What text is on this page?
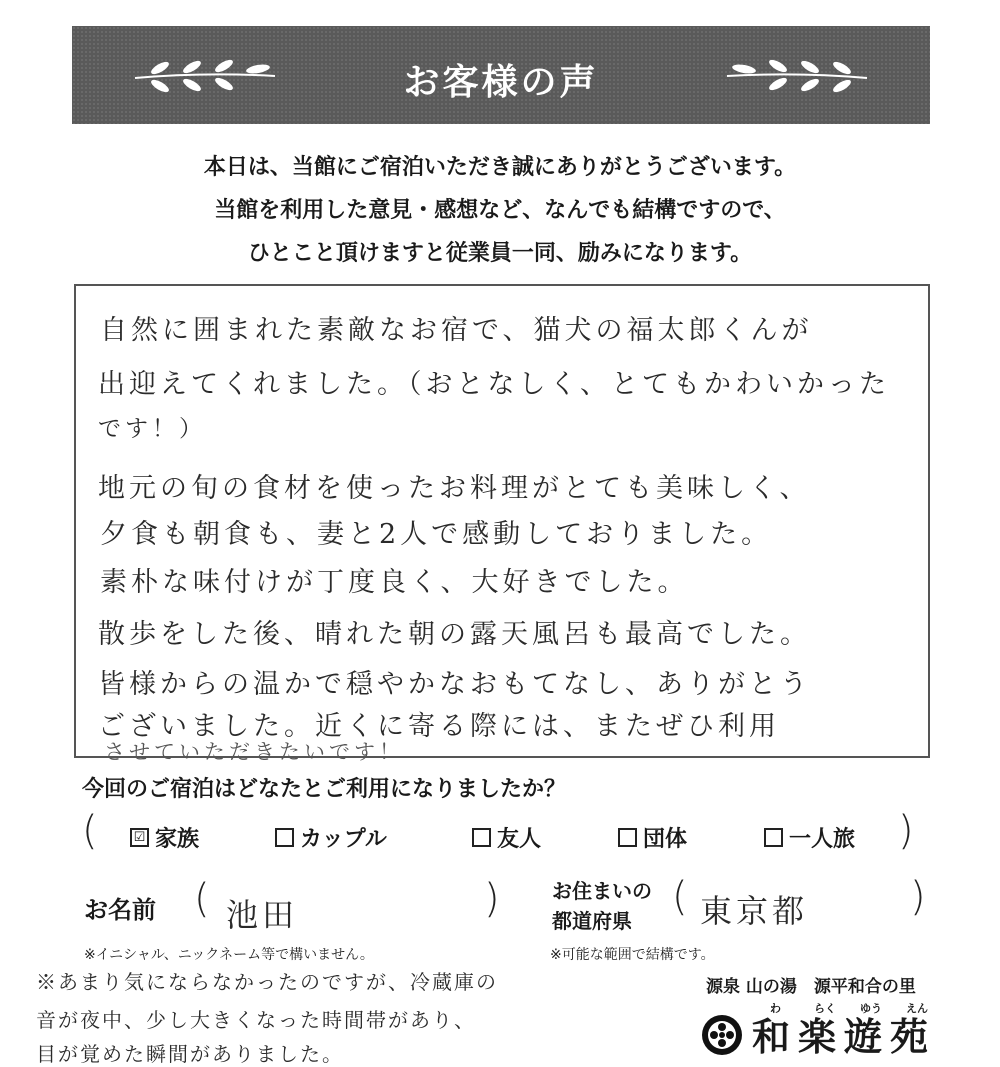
お客様の声
本日は、当館にご宿泊いただき誠にありがとうございます。
当館を利用した意見・感想など、なんでも結構ですので、
ひとこと頂けますと従業員一同、励みになります。
自然に囲まれた素敵なお宿で、猫犬の福太郎くんが
出迎えてくれました。（おとなしく、とてもかわいかった
です！）
地元の旬の食材を使ったお料理がとても美味しく、
夕食も朝食も、妻と2人で感動しておりました。
素朴な味付けが丁度良く、大好きでした。
散歩をした後、晴れた朝の露天風呂も最高でした。
皆様からの温かで穏やかなおもてなし、ありがとう
ございました。近くに寄る際には、またぜひ利用
させていただきたいです！
今回のご宿泊はどなたとご利用になりましたか？
(	)
☑ 家族	カップル	友人	団体	一人旅
お名前 ( 池田	)
※イニシャル、ニックネーム等で構いません。
お住まいの
都道府県
( 東京都	)
※可能な範囲で結構です。
※あまり気にならなかったのですが、冷蔵庫の
音が夜中、少し大きくなった時間帯があり、
目が覚めた瞬間がありました。
源泉 山の湯　源平和合の里
わ	らく ゆう えん
和楽遊苑
